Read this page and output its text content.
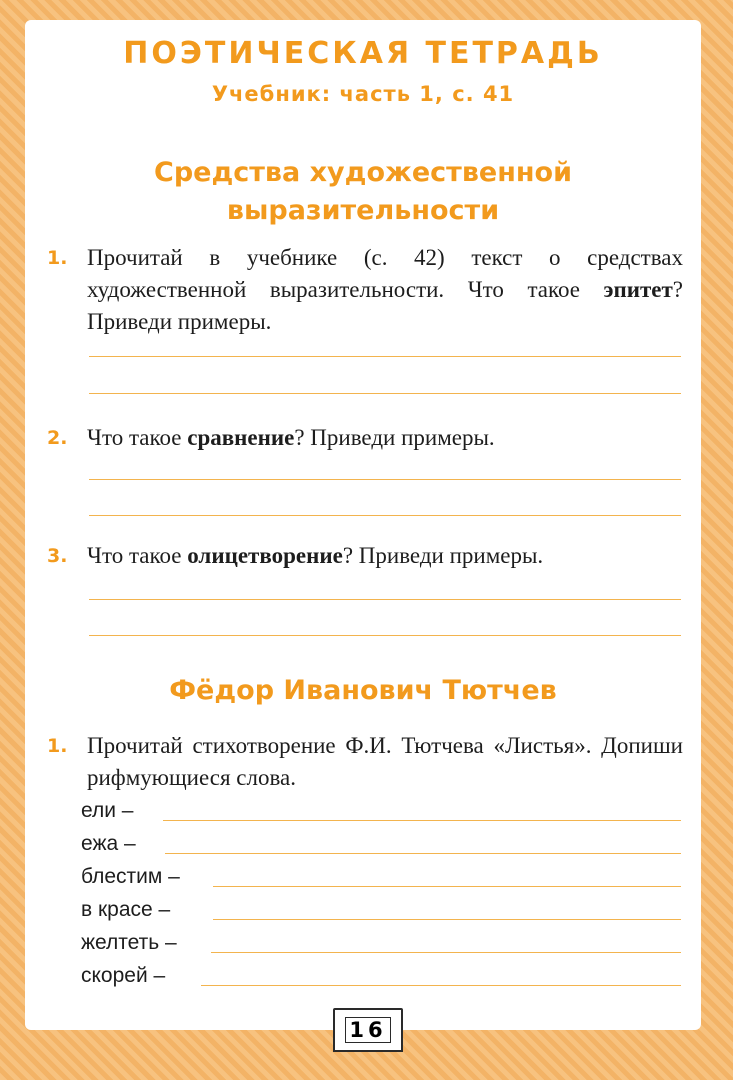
ПОЭТИЧЕСКАЯ ТЕТРАДЬ
Учебник: часть 1, с. 41
Средства художественной
выразительности
1. Прочитай в учебнике (с. 42) текст о средствах художественной выразительности. Что такое эпитет? Приведи примеры.
2. Что такое сравнение? Приведи примеры.
3. Что такое олицетворение? Приведи примеры.
Фёдор Иванович Тютчев
1. Прочитай стихотворение Ф.И. Тютчева «Листья». Допиши рифмующиеся слова.
ели –
ежа –
блестим –
в красе –
желтеть –
скорей –
16
